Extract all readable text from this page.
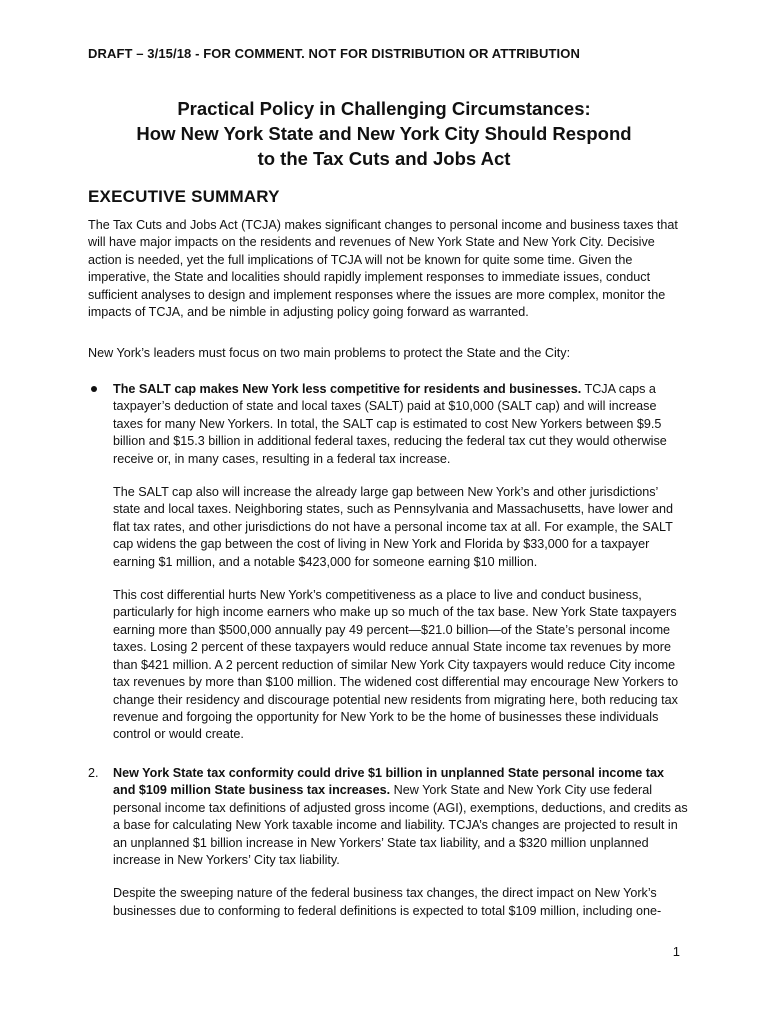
DRAFT – 3/15/18 - FOR COMMENT. NOT FOR DISTRIBUTION OR ATTRIBUTION
Practical Policy in Challenging Circumstances:
How New York State and New York City Should Respond
to the Tax Cuts and Jobs Act
EXECUTIVE SUMMARY
The Tax Cuts and Jobs Act (TCJA) makes significant changes to personal income and business taxes that will have major impacts on the residents and revenues of New York State and New York City. Decisive action is needed, yet the full implications of TCJA will not be known for quite some time. Given the imperative, the State and localities should rapidly implement responses to immediate issues, conduct sufficient analyses to design and implement responses where the issues are more complex, monitor the impacts of TCJA, and be nimble in adjusting policy going forward as warranted.
New York’s leaders must focus on two main problems to protect the State and the City:

The SALT cap makes New York less competitive for residents and businesses. TCJA caps a taxpayer’s deduction of state and local taxes (SALT) paid at $10,000 (SALT cap) and will increase taxes for many New Yorkers. In total, the SALT cap is estimated to cost New Yorkers between $9.5 billion and $15.3 billion in additional federal taxes, reducing the federal tax cut they would otherwise receive or, in many cases, resulting in a federal tax increase.

The SALT cap also will increase the already large gap between New York’s and other jurisdictions’ state and local taxes. Neighboring states, such as Pennsylvania and Massachusetts, have lower and flat tax rates, and other jurisdictions do not have a personal income tax at all. For example, the SALT cap widens the gap between the cost of living in New York and Florida by $33,000 for a taxpayer earning $1 million, and a notable $423,000 for someone earning $10 million.

This cost differential hurts New York’s competitiveness as a place to live and conduct business, particularly for high income earners who make up so much of the tax base. New York State taxpayers earning more than $500,000 annually pay 49 percent—$21.0 billion—of the State’s personal income taxes. Losing 2 percent of these taxpayers would reduce annual State income tax revenues by more than $421 million. A 2 percent reduction of similar New York City taxpayers would reduce City income tax revenues by more than $100 million. The widened cost differential may encourage New Yorkers to change their residency and discourage potential new residents from migrating here, both reducing tax revenue and forgoing the opportunity for New York to be the home of businesses these individuals control or would create.

2.	New York State tax conformity could drive $1 billion in unplanned State personal income tax and $109 million State business tax increases. New York State and New York City use federal personal income tax definitions of adjusted gross income (AGI), exemptions, deductions, and credits as a base for calculating New York taxable income and liability. TCJA’s changes are projected to result in an unplanned $1 billion increase in New Yorkers’ State tax liability, and a $320 million unplanned increase in New Yorkers’ City tax liability.

Despite the sweeping nature of the federal business tax changes, the direct impact on New York’s businesses due to conforming to federal definitions is expected to total $109 million, including one-

1
